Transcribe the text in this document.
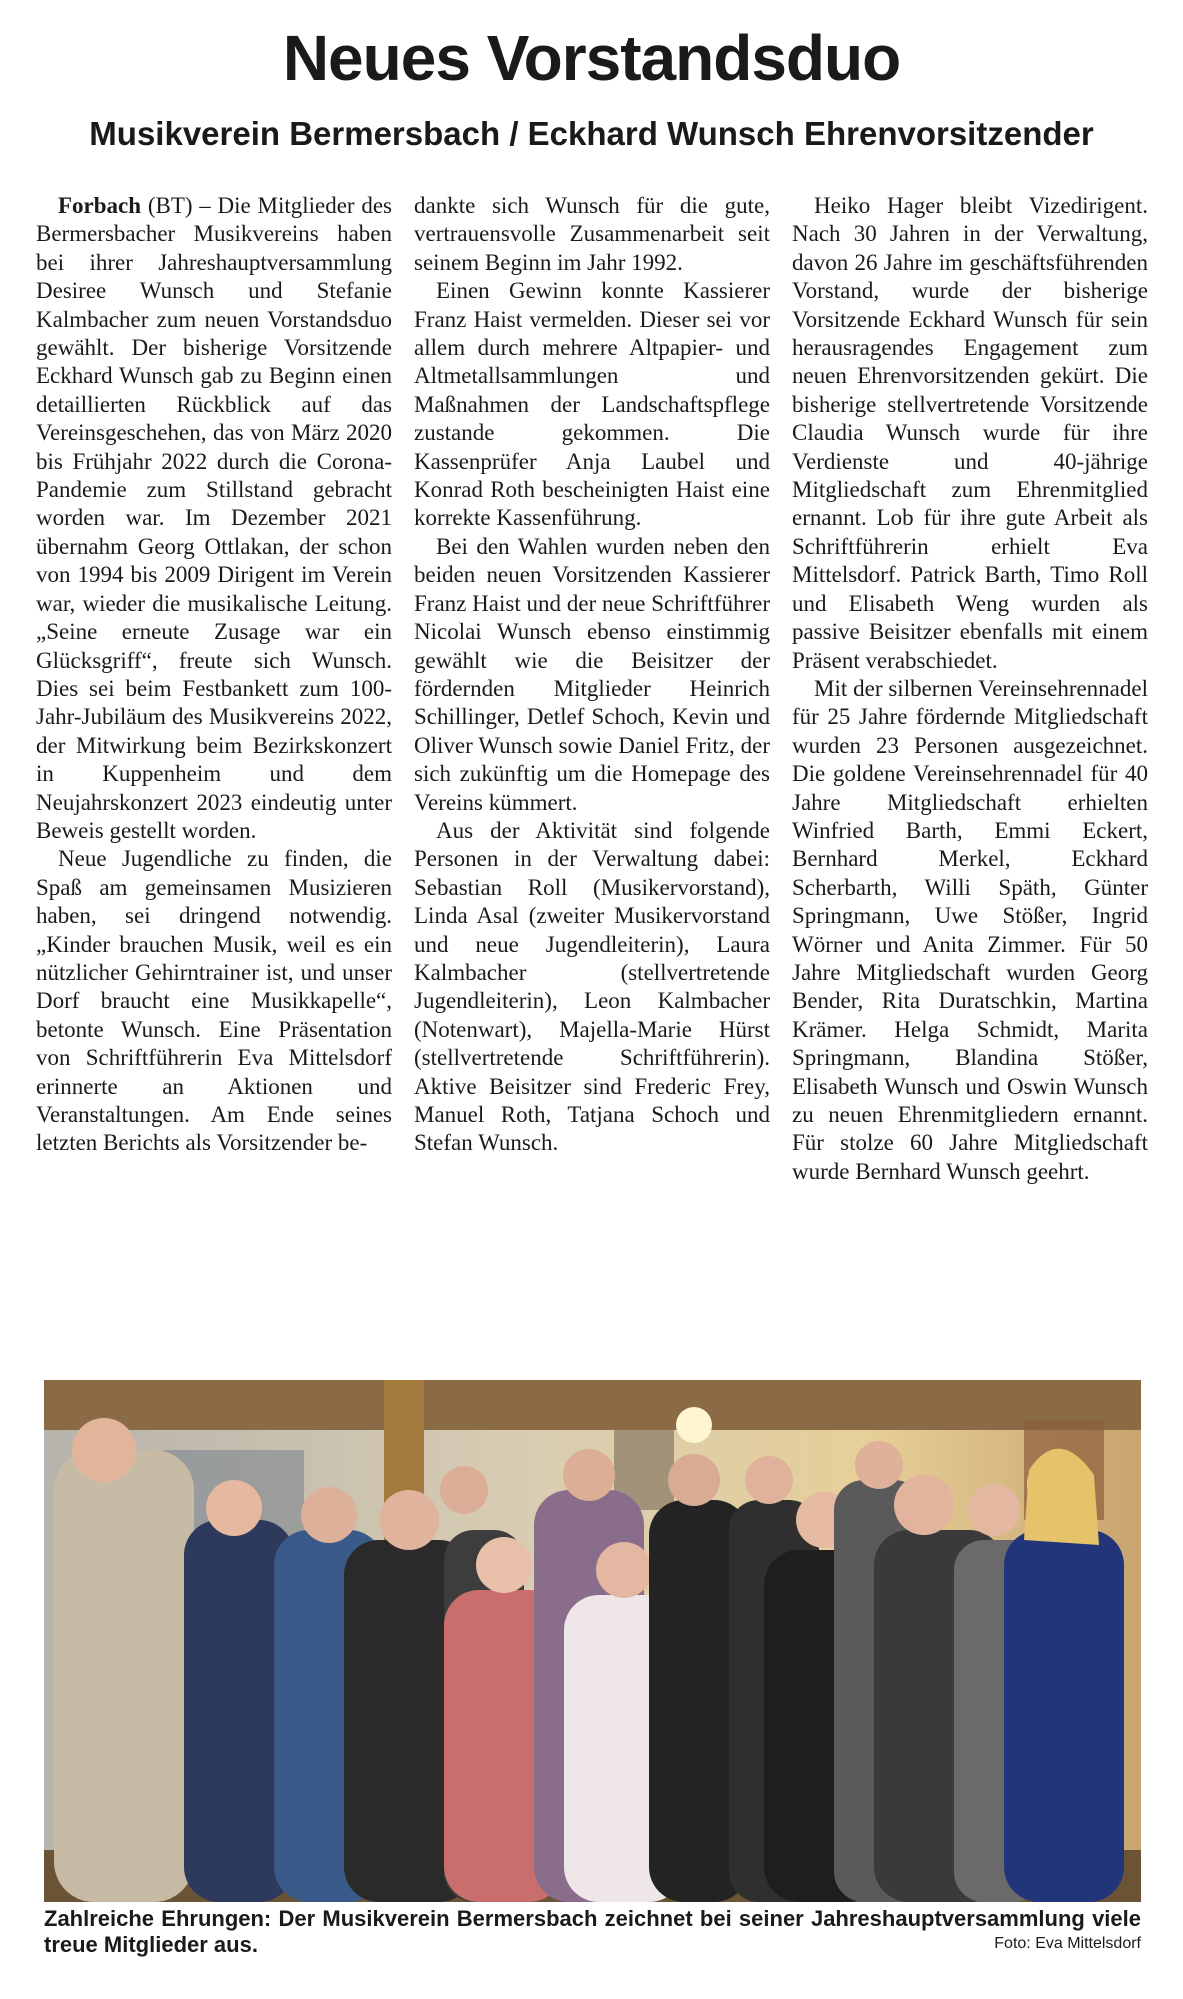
Neues Vorstandsduo
Musikverein Bermersbach / Eckhard Wunsch Ehrenvorsitzender

Forbach (BT) – Die Mitglieder des Bermersbacher Musikvereins haben bei ihrer Jahreshauptversammlung Desiree Wunsch und Stefanie Kalmbacher zum neuen Vorstandsduo gewählt. Der bisherige Vorsitzende Eckhard Wunsch gab zu Beginn einen detaillierten Rückblick auf das Vereinsgeschehen, das von März 2020 bis Frühjahr 2022 durch die Corona-Pandemie zum Stillstand gebracht worden war. Im Dezember 2021 übernahm Georg Ottlakan, der schon von 1994 bis 2009 Dirigent im Verein war, wieder die musikalische Leitung. „Seine erneute Zusage war ein Glücksgriff“, freute sich Wunsch. Dies sei beim Festbankett zum 100-Jahr-Jubiläum des Musikvereins 2022, der Mitwirkung beim Bezirkskonzert in Kuppenheim und dem Neujahrskonzert 2023 eindeutig unter Beweis gestellt worden.

Neue Jugendliche zu finden, die Spaß am gemeinsamen Musizieren haben, sei dringend notwendig. „Kinder brauchen Musik, weil es ein nützlicher Gehirntrainer ist, und unser Dorf braucht eine Musikkapelle“, betonte Wunsch. Eine Präsentation von Schriftführerin Eva Mittelsdorf erinnerte an Aktionen und Veranstaltungen. Am Ende seines letzten Berichts als Vorsitzender be-

dankte sich Wunsch für die gute, vertrauensvolle Zusammenarbeit seit seinem Beginn im Jahr 1992.

Einen Gewinn konnte Kassierer Franz Haist vermelden. Dieser sei vor allem durch mehrere Altpapier- und Altmetallsammlungen und Maßnahmen der Landschaftspflege zustande gekommen. Die Kassenprüfer Anja Laubel und Konrad Roth bescheinigten Haist eine korrekte Kassenführung.

Bei den Wahlen wurden neben den beiden neuen Vorsitzenden Kassierer Franz Haist und der neue Schriftführer Nicolai Wunsch ebenso einstimmig gewählt wie die Beisitzer der fördernden Mitglieder Heinrich Schillinger, Detlef Schoch, Kevin und Oliver Wunsch sowie Daniel Fritz, der sich zukünftig um die Homepage des Vereins kümmert.

Aus der Aktivität sind folgende Personen in der Verwaltung dabei: Sebastian Roll (Musikervorstand), Linda Asal (zweiter Musikervorstand und neue Jugendleiterin), Laura Kalmbacher (stellvertretende Jugendleiterin), Leon Kalmbacher (Notenwart), Majella-Marie Hürst (stellvertretende Schriftführerin). Aktive Beisitzer sind Frederic Frey, Manuel Roth, Tatjana Schoch und Stefan Wunsch.

Heiko Hager bleibt Vizedirigent. Nach 30 Jahren in der Verwaltung, davon 26 Jahre im geschäftsführenden Vorstand, wurde der bisherige Vorsitzende Eckhard Wunsch für sein herausragendes Engagement zum neuen Ehrenvorsitzenden gekürt. Die bisherige stellvertretende Vorsitzende Claudia Wunsch wurde für ihre Verdienste und 40-jährige Mitgliedschaft zum Ehrenmitglied ernannt. Lob für ihre gute Arbeit als Schriftführerin erhielt Eva Mittelsdorf. Patrick Barth, Timo Roll und Elisabeth Weng wurden als passive Beisitzer ebenfalls mit einem Präsent verabschiedet.

Mit der silbernen Vereinsehrennadel für 25 Jahre fördernde Mitgliedschaft wurden 23 Personen ausgezeichnet. Die goldene Vereinsehrennadel für 40 Jahre Mitgliedschaft erhielten Winfried Barth, Emmi Eckert, Bernhard Merkel, Eckhard Scherbarth, Willi Späth, Günter Springmann, Uwe Stößer, Ingrid Wörner und Anita Zimmer. Für 50 Jahre Mitgliedschaft wurden Georg Bender, Rita Duratschkin, Martina Krämer. Helga Schmidt, Marita Springmann, Blandina Stößer, Elisabeth Wunsch und Oswin Wunsch zu neuen Ehrenmitgliedern ernannt. Für stolze 60 Jahre Mitgliedschaft wurde Bernhard Wunsch geehrt.

Zahlreiche Ehrungen: Der Musikverein Bermersbach zeichnet bei seiner Jahreshauptversammlung viele treue Mitglieder aus.	Foto: Eva Mittelsdorf
